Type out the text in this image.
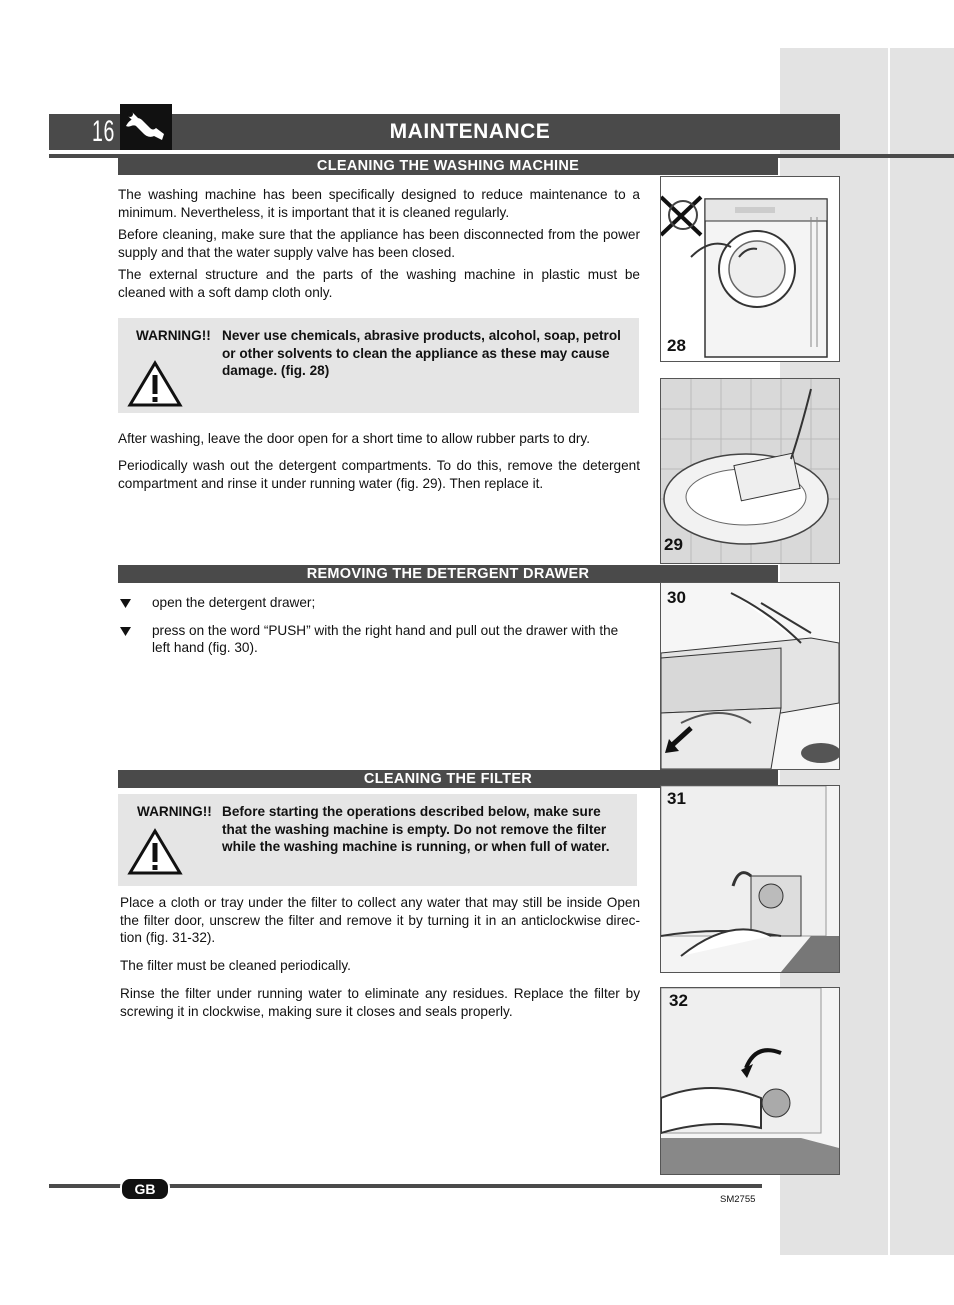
16	MAINTENANCE
CLEANING THE WASHING MACHINE
The washing machine has been specifically designed to reduce maintenance to a minimum. Nevertheless, it is important that it is cleaned regularly.
Before cleaning, make sure that the appliance has been disconnected from the power supply and that the water supply valve has been closed.
The external structure and the parts of the washing machine in plastic must be cleaned with a soft damp cloth only.
WARNING!! Never use chemicals, abrasive products, alcohol, soap, petrol or other solvents to clean the appliance as these may cause damage. (fig. 28)
After washing, leave the door open for a short time to allow rubber parts to dry.
Periodically wash out the detergent compartments. To do this, remove the detergent compartment and rinse it under running water (fig. 29). Then replace it.
28
29
REMOVING THE DETERGENT DRAWER
open the detergent drawer;
press on the word “PUSH” with the right hand and pull out the drawer with the left hand (fig. 30).
30
CLEANING THE FILTER
WARNING!! Before starting the operations described below, make sure that the washing machine is empty. Do not remove the filter while the washing machine is running, or when full of water.
Place a cloth or tray under the filter to collect any water that may still be inside Open the filter door, unscrew the filter and remove it by turning it in an anticlockwise direc-tion (fig. 31-32).
The filter must be cleaned periodically.
Rinse the filter under running water to eliminate any residues. Replace the filter by screwing it in clockwise, making sure it closes and seals properly.
31
32
GB
SM2755
